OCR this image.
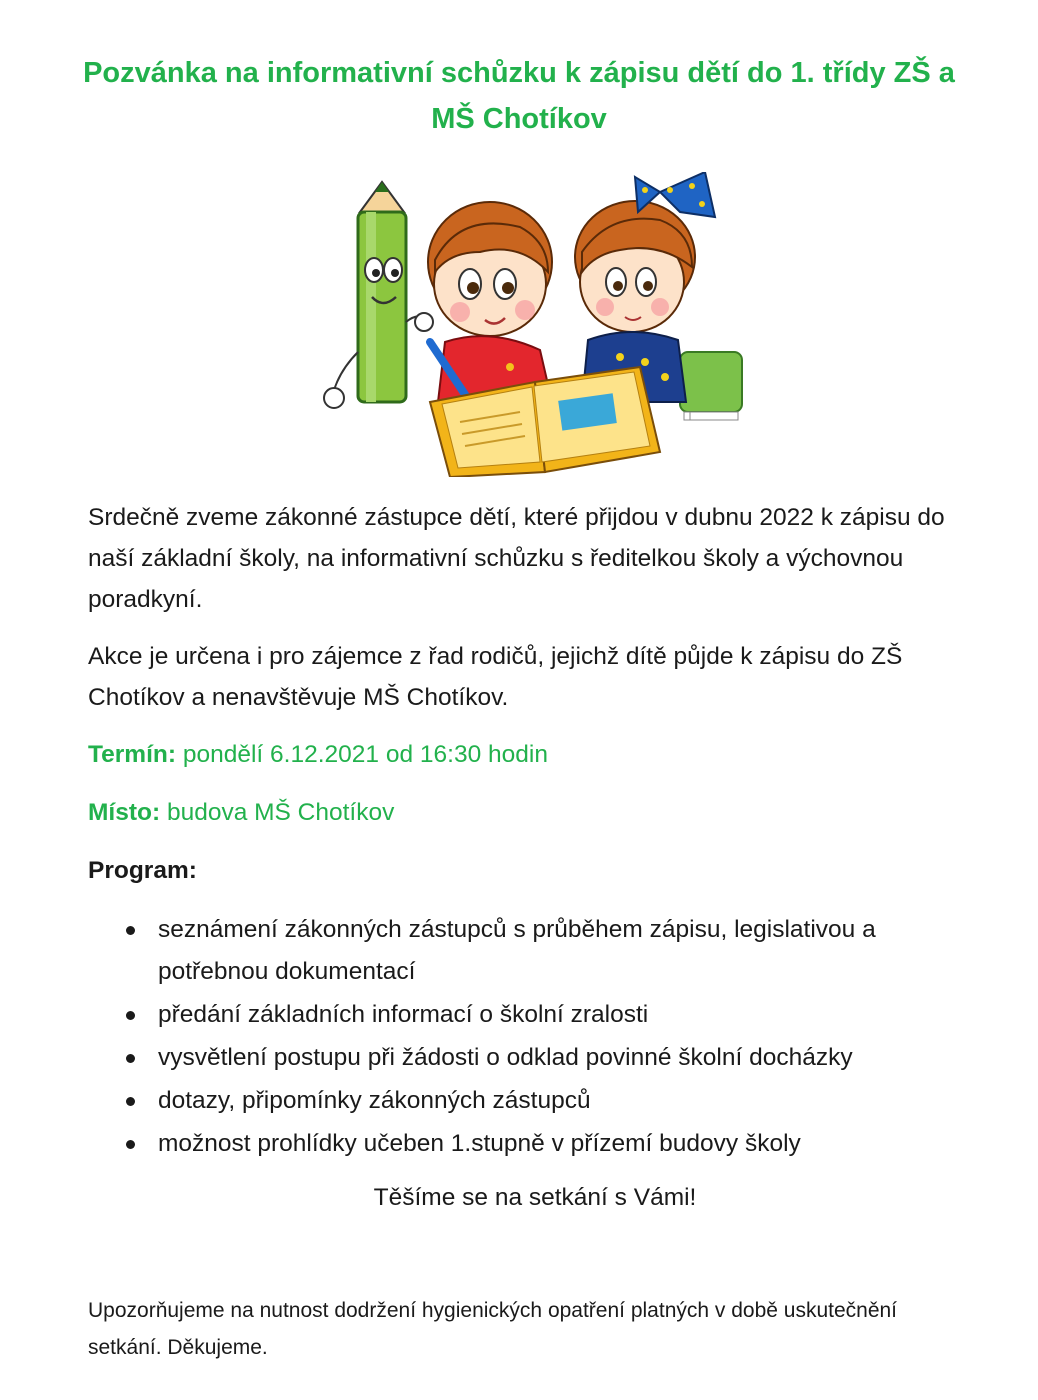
Pozvánka na informativní schůzku k zápisu dětí do 1. třídy ZŠ a MŠ Chotíkov
Srdečně zveme zákonné zástupce dětí, které přijdou v dubnu 2022 k zápisu do naší základní školy, na informativní schůzku s ředitelkou školy a výchovnou poradkyní.
Akce je určena i pro zájemce z řad rodičů, jejichž dítě půjde k zápisu do ZŠ Chotíkov a nenavštěvuje MŠ Chotíkov.
Termín: pondělí 6.12.2021 od 16:30 hodin
Místo: budova MŠ Chotíkov
Program:
seznámení zákonných zástupců s průběhem zápisu, legislativou a potřebnou dokumentací
předání základních informací o školní zralosti
vysvětlení postupu při žádosti o odklad povinné školní docházky
dotazy, připomínky zákonných zástupců
možnost prohlídky učeben 1.stupně v přízemí budovy školy
Těšíme se na setkání s Vámi!
Upozorňujeme na nutnost dodržení hygienických opatření platných v době uskutečnění setkání. Děkujeme.
